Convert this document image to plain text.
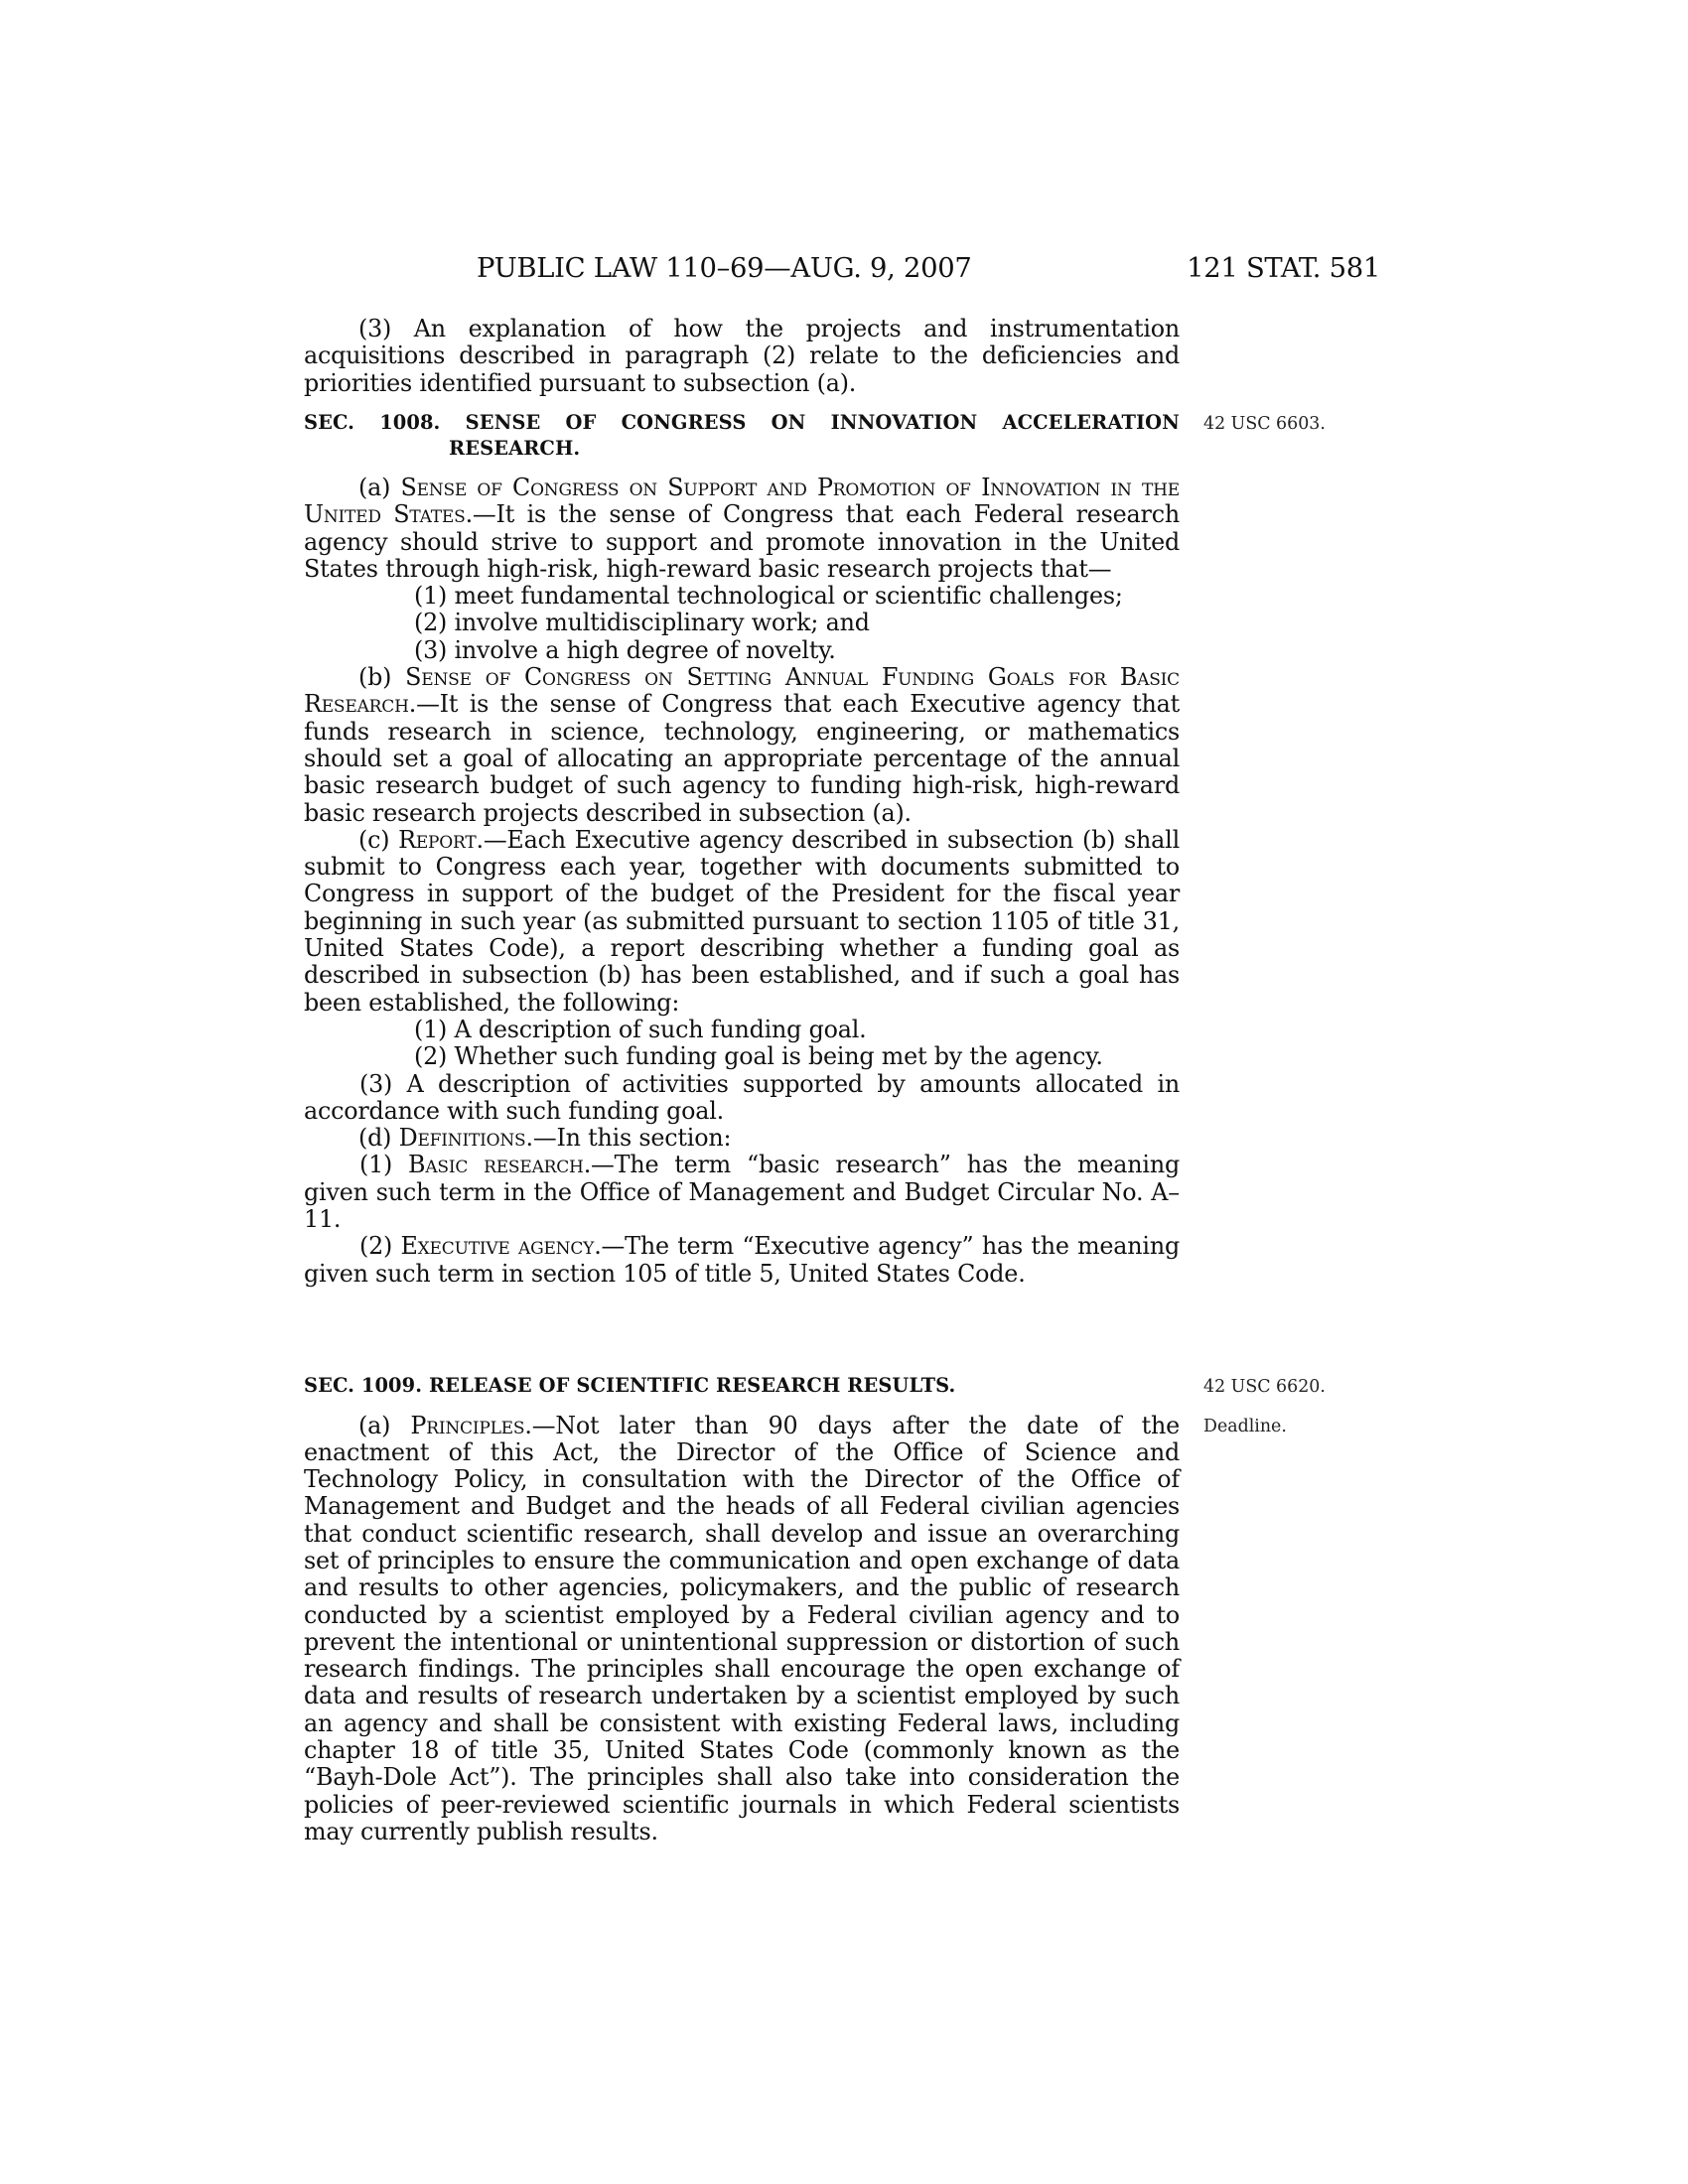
PUBLIC LAW 110–69—AUG. 9, 2007	121 STAT. 581

(3) An explanation of how the projects and instrumentation acquisitions described in paragraph (2) relate to the deficiencies and priorities identified pursuant to subsection (a).

SEC. 1008. SENSE OF CONGRESS ON INNOVATION ACCELERATION RESEARCH.

(a) Sense of Congress on Support and Promotion of Innovation in the United States.—It is the sense of Congress that each Federal research agency should strive to support and promote innovation in the United States through high-risk, high-reward basic research projects that—

(1) meet fundamental technological or scientific challenges;

(2) involve multidisciplinary work; and

(3) involve a high degree of novelty.

(b) Sense of Congress on Setting Annual Funding Goals for Basic Research.—It is the sense of Congress that each Executive agency that funds research in science, technology, engineering, or mathematics should set a goal of allocating an appropriate percentage of the annual basic research budget of such agency to funding high-risk, high-reward basic research projects described in subsection (a).

(c) Report.—Each Executive agency described in subsection (b) shall submit to Congress each year, together with documents submitted to Congress in support of the budget of the President for the fiscal year beginning in such year (as submitted pursuant to section 1105 of title 31, United States Code), a report describing whether a funding goal as described in subsection (b) has been established, and if such a goal has been established, the following:

(1) A description of such funding goal.

(2) Whether such funding goal is being met by the agency.

(3) A description of activities supported by amounts allocated in accordance with such funding goal.

(d) Definitions.—In this section:

(1) Basic research.—The term “basic research” has the meaning given such term in the Office of Management and Budget Circular No. A–11.

(2) Executive agency.—The term “Executive agency” has the meaning given such term in section 105 of title 5, United States Code.

SEC. 1009. RELEASE OF SCIENTIFIC RESEARCH RESULTS.

(a) Principles.—Not later than 90 days after the date of the enactment of this Act, the Director of the Office of Science and Technology Policy, in consultation with the Director of the Office of Management and Budget and the heads of all Federal civilian agencies that conduct scientific research, shall develop and issue an overarching set of principles to ensure the communication and open exchange of data and results to other agencies, policymakers, and the public of research conducted by a scientist employed by a Federal civilian agency and to prevent the intentional or unintentional suppression or distortion of such research findings. The principles shall encourage the open exchange of data and results of research undertaken by a scientist employed by such an agency and shall be consistent with existing Federal laws, including chapter 18 of title 35, United States Code (commonly known as the “Bayh-Dole Act”). The principles shall also take into consideration the policies of peer-reviewed scientific journals in which Federal scientists may currently publish results.

42 USC 6603.
42 USC 6620.
Deadline.
